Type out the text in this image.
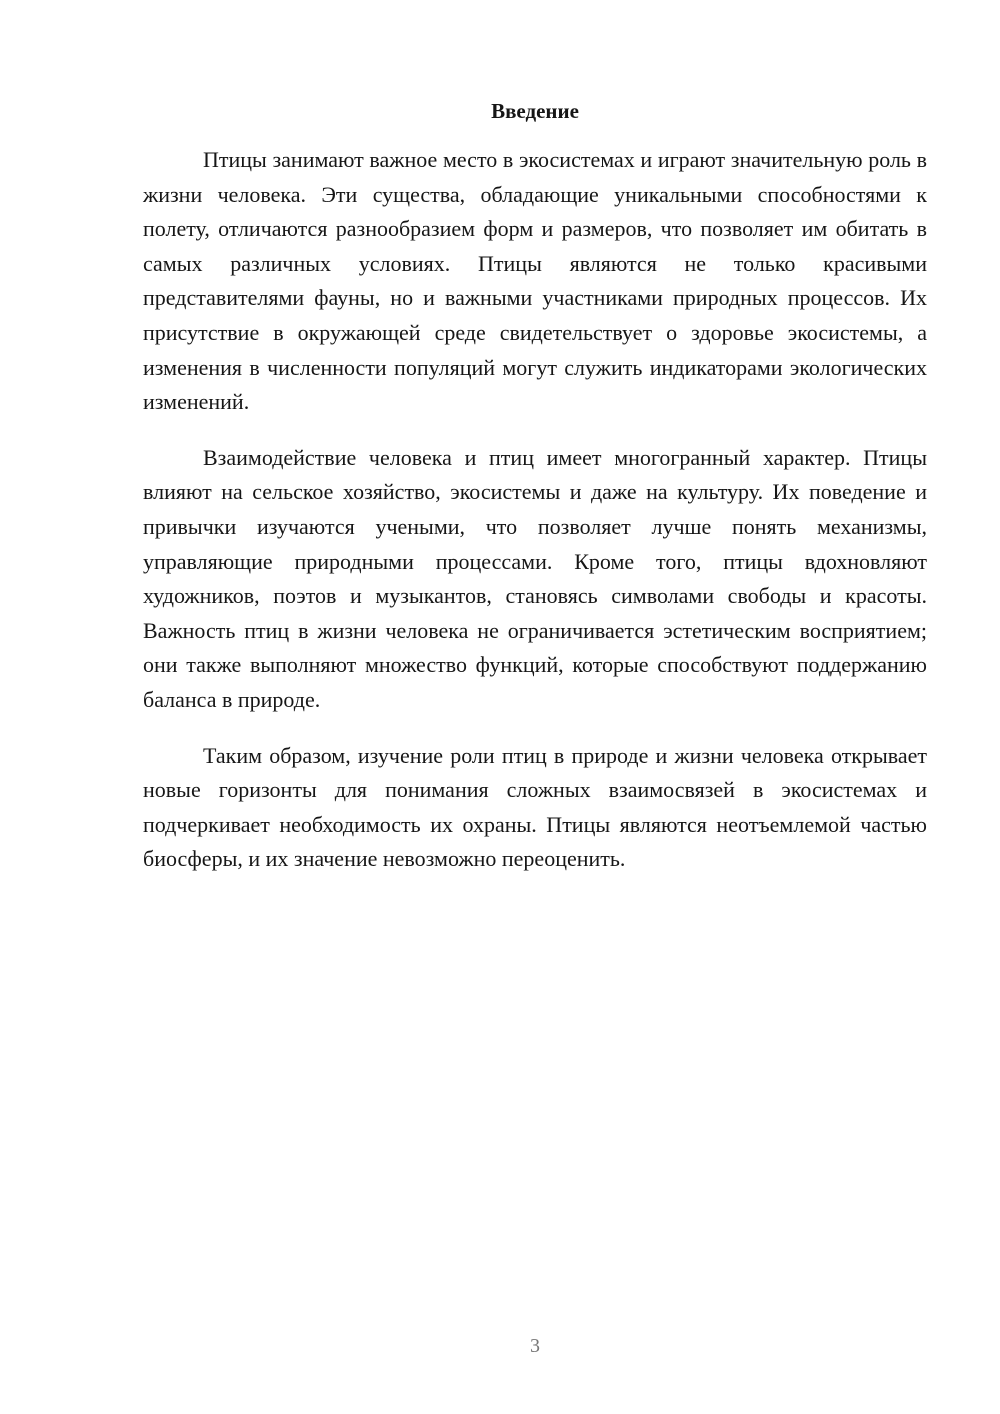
Введение

Птицы занимают важное место в экосистемах и играют значительную роль в жизни человека. Эти существа, обладающие уникальными способностями к полету, отличаются разнообразием форм и размеров, что позволяет им обитать в самых различных условиях. Птицы являются не только красивыми представителями фауны, но и важными участниками природных процессов. Их присутствие в окружающей среде свидетельствует о здоровье экосистемы, а изменения в численности популяций могут служить индикаторами экологических изменений.

Взаимодействие человека и птиц имеет многогранный характер. Птицы влияют на сельское хозяйство, экосистемы и даже на культуру. Их поведение и привычки изучаются учеными, что позволяет лучше понять механизмы, управляющие природными процессами. Кроме того, птицы вдохновляют художников, поэтов и музыкантов, становясь символами свободы и красоты. Важность птиц в жизни человека не ограничивается эстетическим восприятием; они также выполняют множество функций, которые способствуют поддержанию баланса в природе.

Таким образом, изучение роли птиц в природе и жизни человека открывает новые горизонты для понимания сложных взаимосвязей в экосистемах и подчеркивает необходимость их охраны. Птицы являются неотъемлемой частью биосферы, и их значение невозможно переоценить.

3
